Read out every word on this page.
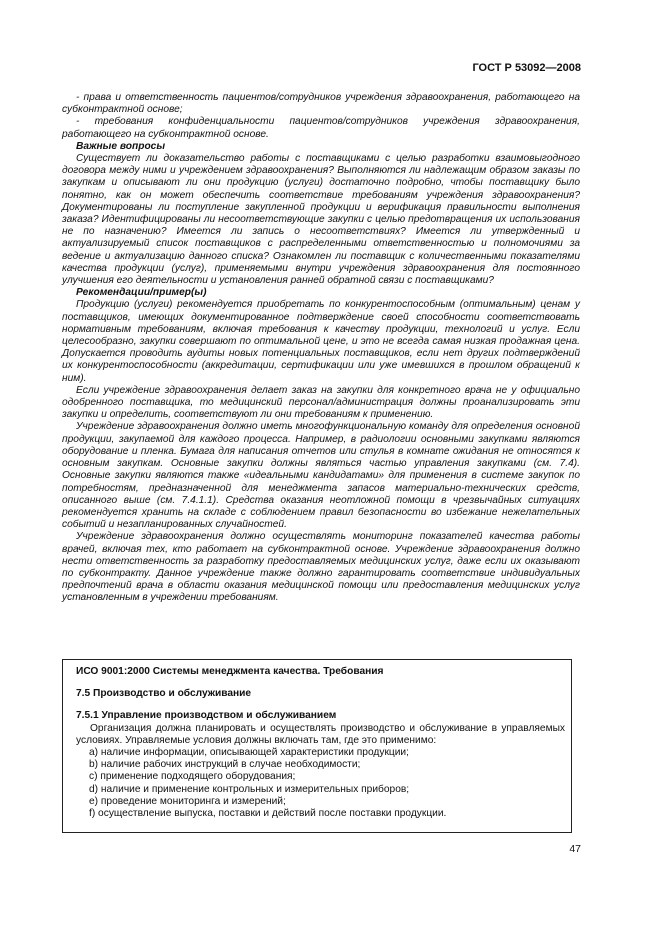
ГОСТ Р 53092—2008

- права и ответственность пациентов/сотрудников учреждения здравоохранения, работающего на субконтрактной основе;

- требования конфиденциальности пациентов/сотрудников учреждения здравоохранения, работающего на субконтрактной основе.

Важные вопросы

Существует ли доказательство работы с поставщиками с целью разработки взаимовыгодного договора между ними и учреждением здравоохранения? Выполняются ли надлежащим образом заказы по закупкам и описывают ли они продукцию (услуги) достаточно подробно, чтобы поставщику было понятно, как он может обеспечить соответствие требованиям учреждения здравоохранения? Документированы ли поступление закупленной продукции и верификация правильности выполнения заказа? Идентифицированы ли несоответствующие закупки с целью предотвращения их использования не по назначению? Имеется ли запись о несоответствиях? Имеется ли утвержденный и актуализируемый список поставщиков с распределенными ответственностью и полномочиями за ведение и актуализацию данного списка? Ознакомлен ли поставщик с количественными показателями качества продукции (услуг), применяемыми внутри учреждения здравоохранения для постоянного улучшения его деятельности и установления ранней обратной связи с поставщиками?

Рекомендации/пример(ы)

Продукцию (услуги) рекомендуется приобретать по конкурентоспособным (оптимальным) ценам у поставщиков, имеющих документированное подтверждение своей способности соответствовать нормативным требованиям, включая требования к качеству продукции, технологий и услуг. Если целесообразно, закупки совершают по оптимальной цене, и это не всегда самая низкая продажная цена. Допускается проводить аудиты новых потенциальных поставщиков, если нет других подтверждений их конкурентоспособности (аккредитации, сертификации или уже имевшихся в прошлом обращений к ним).

Если учреждение здравоохранения делает заказ на закупки для конкретного врача не у официально одобренного поставщика, то медицинский персонал/администрация должны проанализировать эти закупки и определить, соответствуют ли они требованиям к применению.

Учреждение здравоохранения должно иметь многофункциональную команду для определения основной продукции, закупаемой для каждого процесса. Например, в радиологии основными закупками являются оборудование и пленка. Бумага для написания отчетов или стулья в комнате ожидания не относятся к основным закупкам. Основные закупки должны являться частью управления закупками (см. 7.4). Основные закупки являются также «идеальными кандидатами» для применения в системе закупок по потребностям, предназначенной для менеджмента запасов материально-технических средств, описанного выше (см. 7.4.1.1). Средства оказания неотложной помощи в чрезвычайных ситуациях рекомендуется хранить на складе с соблюдением правил безопасности во избежание нежелательных событий и незапланированных случайностей.

Учреждение здравоохранения должно осуществлять мониторинг показателей качества работы врачей, включая тех, кто работает на субконтрактной основе. Учреждение здравоохранения должно нести ответственность за разработку предоставляемых медицинских услуг, даже если их оказывают по субконтракту. Данное учреждение также должно гарантировать соответствие индивидуальных предпочтений врача в области оказания медицинской помощи или предоставления медицинских услуг установленным в учреждении требованиям.

ИСО 9001:2000 Системы менеджмента качества. Требования

7.5 Производство и обслуживание

7.5.1 Управление производством и обслуживанием

Организация должна планировать и осуществлять производство и обслуживание в управляемых условиях. Управляемые условия должны включать там, где это применимо:

a) наличие информации, описывающей характеристики продукции;
b) наличие рабочих инструкций в случае необходимости;
c) применение подходящего оборудования;
d) наличие и применение контрольных и измерительных приборов;
e) проведение мониторинга и измерений;
f) осуществление выпуска, поставки и действий после поставки продукции.
47
